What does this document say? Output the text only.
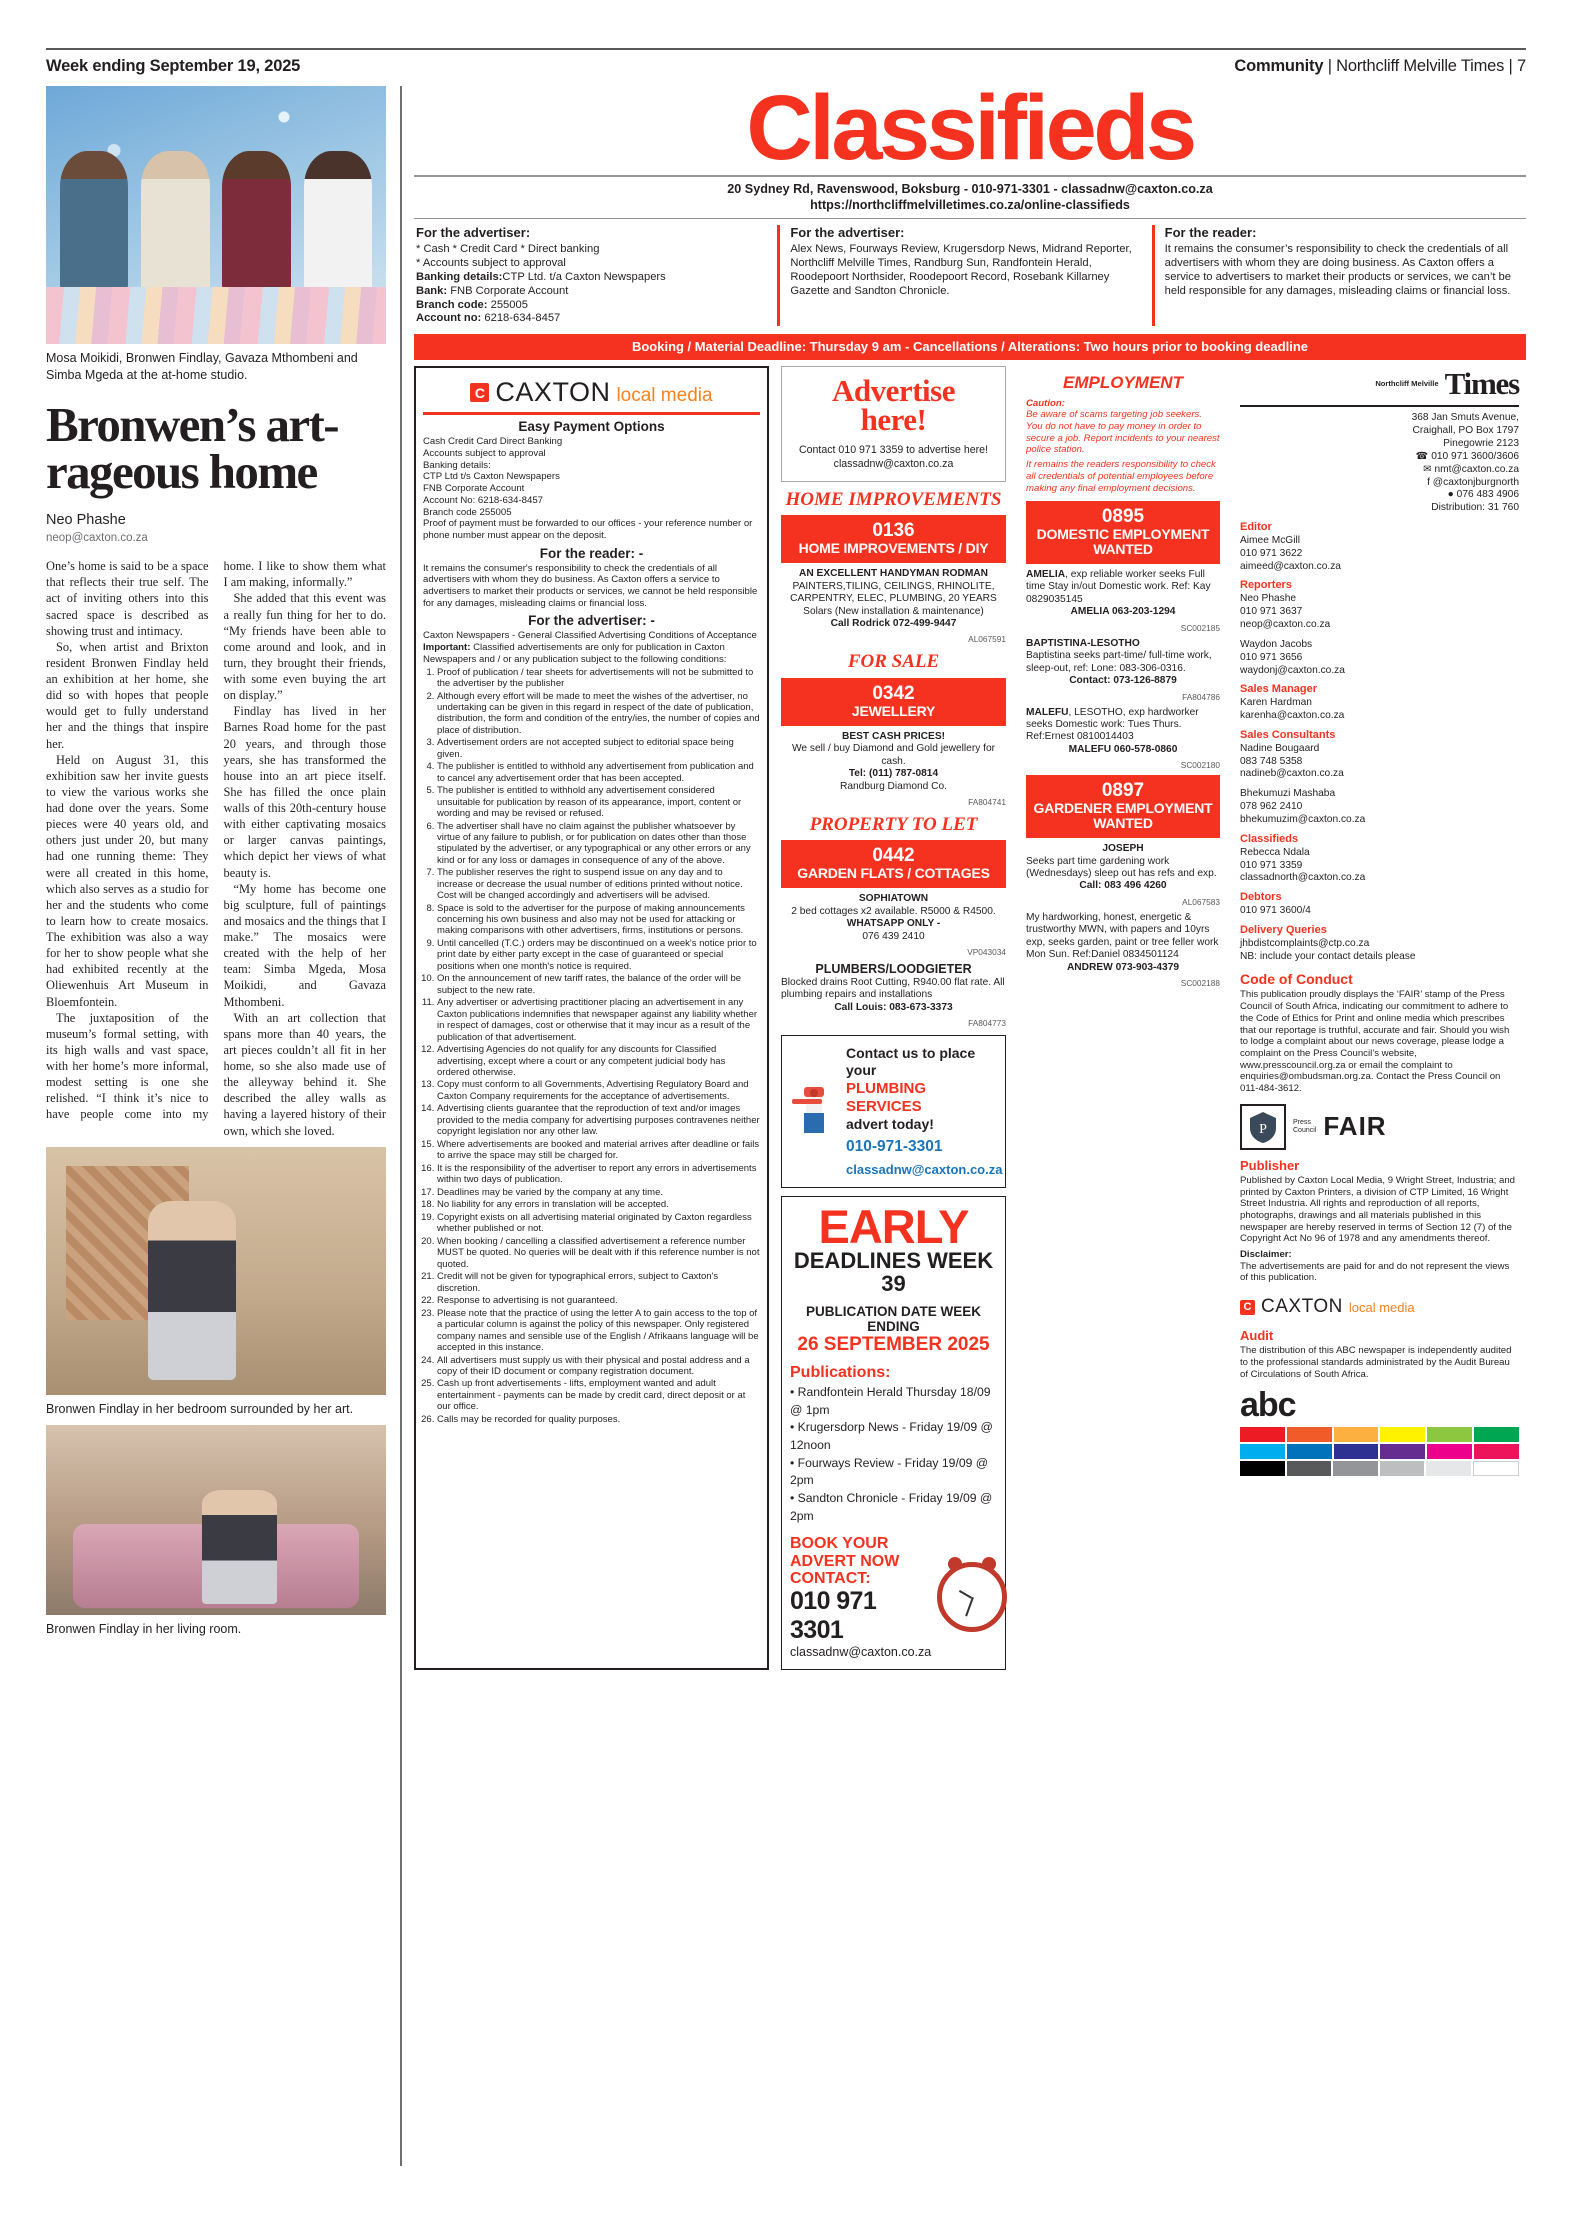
Week ending September 19, 2025	Community | Northcliff Melville Times | 7
Mosa Moikidi, Bronwen Findlay, Gavaza Mthombeni and Simba Mgeda at the at-home studio.
Bronwen’s art-rageous home
Neo Phashe
neop@caxton.co.za

One’s home is said to be a space that reflects their true self. The act of inviting others into this sacred space is described as showing trust and intimacy.

So, when artist and Brixton resident Bronwen Findlay held an exhibition at her home, she did so with hopes that people would get to fully understand her and the things that inspire her.

Held on August 31, this exhibition saw her invite guests to view the various works she had done over the years. Some pieces were 40 years old, and others just under 20, but many had one running theme: They were all created in this home, which also serves as a studio for her and the students who come to learn how to create mosaics. The exhibition was also a way for her to show people what she had exhibited recently at the Oliewenhuis Art Museum in Bloemfontein.

The juxtaposition of the museum’s formal setting, with its high walls and vast space, with her home’s more informal, modest setting is one she relished. “I think it’s nice to have people come into my home. I like to show them what I am making, informally.”

She added that this event was a really fun thing for her to do. “My friends have been able to come around and look, and in turn, they brought their friends, with some even buying the art on display.”

Findlay has lived in her Barnes Road home for the past 20 years, and through those years, she has transformed the house into an art piece itself. She has filled the once plain walls of this 20th-century house with either captivating mosaics or larger canvas paintings, which depict her views of what beauty is.

“My home has become one big sculpture, full of paintings and mosaics and the things that I make.” The mosaics were created with the help of her team: Simba Mgeda, Mosa Moikidi, and Gavaza Mthombeni.

With an art collection that spans more than 40 years, the art pieces couldn’t all fit in her home, so she also made use of the alleyway behind it. She described the alley walls as having a layered history of their own, which she loved.

Bronwen Findlay in her bedroom surrounded by her art.
Bronwen Findlay in her living room.
Classifieds
20 Sydney Rd, Ravenswood, Boksburg - 010-971-3301 - classadnw@caxton.co.za
https://northcliffmelvilletimes.co.za/online-classifieds
For the advertiser:
* Cash * Credit Card * Direct banking
* Accounts subject to approval
Banking details:CTP Ltd. t/a Caxton Newspapers
Bank: FNB Corporate Account
Branch code: 255005
Account no: 6218-634-8457
For the advertiser:
Alex News, Fourways Review, Krugersdorp News, Midrand Reporter, Northcliff Melville Times, Randburg Sun, Randfontein Herald, Roodepoort Northsider, Roodepoort Record, Rosebank Killarney Gazette and Sandton Chronicle.
For the reader:
It remains the consumer’s responsibility to check the credentials of all advertisers with whom they are doing business. As Caxton offers a service to advertisers to market their products or services, we can’t be held responsible for any damages, misleading claims or financial loss.
Booking / Material Deadline: Thursday 9 am - Cancellations / Alterations: Two hours prior to booking deadline
C CAXTON local media
Easy Payment Options
Cash Credit Card Direct Banking
Accounts subject to approval
Banking details:
CTP Ltd t/s Caxton Newspapers
FNB Corporate Account
Account No: 6218-634-8457
Branch code 255005
Proof of payment must be forwarded to our offices - your reference number or phone number must appear on the deposit.
For the reader: -
It remains the consumer's responsibility to check the credentials of all advertisers with whom they do business. As Caxton offers a service to advertisers to market their products or services, we cannot be held responsible for any damages, misleading claims or financial loss.
For the advertiser: -
Caxton Newspapers - General Classified Advertising Conditions of Acceptance
Important: Classified advertisements are only for publication in Caxton Newspapers and / or any publication subject to the following conditions:
1. Proof of publication / tear sheets for advertisements will not be submitted to the advertiser by the publisher
2. Although every effort will be made to meet the wishes of the advertiser, no undertaking can be given in this regard in respect of the date of publication, distribution, the form and condition of the entry/ies, the number of copies and place of distribution.
3. Advertisement orders are not accepted subject to editorial space being given.
4. The publisher is entitled to withhold any advertisement from publication and to cancel any advertisement order that has been accepted.
5. The publisher is entitled to withhold any advertisement considered unsuitable for publication by reason of its appearance, import, content or wording and may be revised or refused.
6. The advertiser shall have no claim against the publisher whatsoever by virtue of any failure to publish, or for publication on dates other than those stipulated by the advertiser, or any typographical or any other errors or any kind or for any loss or damages in consequence of any of the above.
7. The publisher reserves the right to suspend issue on any day and to increase or decrease the usual number of editions printed without notice. Cost will be changed accordingly and advertisers will be advised.
8. Space is sold to the advertiser for the purpose of making announcements concerning his own business and also may not be used for attacking or making comparisons with other advertisers, firms, institutions or persons.
9. Until cancelled (T.C.) orders may be discontinued on a week's notice prior to print date by either party except in the case of guaranteed or special positions when one month's notice is required.
10. On the announcement of new tariff rates, the balance of the order will be subject to the new rate.
11. Any advertiser or advertising practitioner placing an advertisement in any Caxton publications indemnifies that newspaper against any liability whether in respect of damages, cost or otherwise that it may incur as a result of the publication of that advertisement.
12. Advertising Agencies do not qualify for any discounts for Classified advertising, except where a court or any competent judicial body has ordered otherwise.
13. Copy must conform to all Governments, Advertising Regulatory Board and Caxton Company requirements for the acceptance of advertisements.
14. Advertising clients guarantee that the reproduction of text and/or images provided to the media company for advertising purposes contravenes neither copyright legislation nor any other law.
15. Where advertisements are booked and material arrives after deadline or fails to arrive the space may still be charged for.
16. It is the responsibility of the advertiser to report any errors in advertisements within two days of publication.
17. Deadlines may be varied by the company at any time.
18. No liability for any errors in translation will be accepted.
19. Copyright exists on all advertising material originated by Caxton regardless whether published or not.
20. When booking / cancelling a classified advertisement a reference number MUST be quoted. No queries will be dealt with if this reference number is not quoted.
21. Credit will not be given for typographical errors, subject to Caxton's discretion.
22. Response to advertising is not guaranteed.
23. Please note that the practice of using the letter A to gain access to the top of a particular column is against the policy of this newspaper. Only registered company names and sensible use of the English / Afrikaans language will be accepted in this instance.
24. All advertisers must supply us with their physical and postal address and a copy of their ID document or company registration document.
25. Cash up front advertisements - lifts, employment wanted and adult entertainment - payments can be made by credit card, direct deposit or at our office.
26. Calls may be recorded for quality purposes.
Advertise
here!
Contact 010 971 3359 to advertise here! classadnw@caxton.co.za
HOME IMPROVEMENTS
0136
HOME IMPROVEMENTS / DIY
AN EXCELLENT HANDYMAN RODMAN
PAINTERS,TILING, CEILINGS, RHINOLITE, CARPENTRY, ELEC, PLUMBING, 20 YEARS Solars (New installation & maintenance)
Call Rodrick 072-499-9447
AL067591
FOR SALE
0342
JEWELLERY
BEST CASH PRICES!
We sell / buy Diamond and Gold jewellery for cash.
Tel: (011) 787-0814
Randburg Diamond Co.
FA804741
PROPERTY TO LET
0442
GARDEN FLATS / COTTAGES
SOPHIATOWN
2 bed cottages x2 available. R5000 & R4500.
WHATSAPP ONLY -
076 439 2410
VP043034
PLUMBERS/LOODGIETER
Blocked drains Root Cutting, R940.00 flat rate. All plumbing repairs and installations
Call Louis: 083-673-3373
FA804773
Contact us to place your
PLUMBING SERVICES
advert today!
010-971-3301
classadnw@caxton.co.za
EARLY
DEADLINES WEEK 39
PUBLICATION DATE WEEK ENDING
26 SEPTEMBER 2025
Publications:
• Randfontein Herald Thursday 18/09 @ 1pm
• Krugersdorp News - Friday 19/09 @ 12noon
• Fourways Review - Friday 19/09 @ 2pm
• Sandton Chronicle - Friday 19/09 @ 2pm
BOOK YOUR ADVERT NOW CONTACT:
010 971 3301
classadnw@caxton.co.za
EMPLOYMENT
Caution:
Be aware of scams targeting job seekers. You do not have to pay money in order to secure a job. Report incidents to your nearest police station.
It remains the readers responsibility to check all credentials of potential employees before making any final employment decisions.
0895
DOMESTIC EMPLOYMENT WANTED
AMELIA, exp reliable worker seeks Full time Stay in/out Domestic work. Ref: Kay 0829035145
AMELIA 063-203-1294
SC002185
BAPTISTINA-LESOTHO
Baptistina seeks part-time/ full-time work, sleep-out, ref: Lone: 083-306-0316.
Contact: 073-126-8879
FA804786
MALEFU, LESOTHO, exp hardworker seeks Domestic work: Tues Thurs. Ref:Ernest 0810014403
MALEFU 060-578-0860
SC002180
0897
GARDENER EMPLOYMENT WANTED
JOSEPH
Seeks part time gardening work (Wednesdays) sleep out has refs and exp.
Call: 083 496 4260
AL067583
My hardworking, honest, energetic & trustworthy MWN, with papers and 10yrs exp, seeks garden, paint or tree feller work Mon Sun. Ref:Daniel 0834501124
ANDREW 073-903-4379
SC002188
Northcliff Melville Times
368 Jan Smuts Avenue,
Craighall, PO Box 1797
Pinegowrie 2123
☎ 010 971 3600/3606
✉ nmt@caxton.co.za
f @caxtonjburgnorth
● 076 483 4906
Distribution: 31 760
Editor
Aimee McGill
010 971 3622
aimeed@caxton.co.za
Reporters
Neo Phashe
010 971 3637
neop@caxton.co.za
Waydon Jacobs
010 971 3656
waydonj@caxton.co.za
Sales Manager
Karen Hardman
karenha@caxton.co.za
Sales Consultants
Nadine Bougaard
083 748 5358
nadineb@caxton.co.za
Bhekumuzi Mashaba
078 962 2410
bhekumuzim@caxton.co.za
Classifieds
Rebecca Ndala
010 971 3359
classadnorth@caxton.co.za
Debtors
010 971 3600/4
Delivery Queries
jhbdistcomplaints@ctp.co.za
NB: include your contact details please
Code of Conduct
This publication proudly displays the ‘FAIR’ stamp of the Press Council of South Africa, indicating our commitment to adhere to the Code of Ethics for Print and online media which prescribes that our reportage is truthful, accurate and fair. Should you wish to lodge a complaint about our news coverage, please lodge a complaint on the Press Council’s website, www.presscouncil.org.za or email the complaint to enquiries@ombudsman.org.za. Contact the Press Council on 011-484-3612.
P	Press
Council FAIR
Publisher
Published by Caxton Local Media, 9 Wright Street, Industria; and printed by Caxton Printers, a division of CTP Limited, 16 Wright Street Industria. All rights and reproduction of all reports, photographs, drawings and all materials published in this newspaper are hereby reserved in terms of Section 12 (7) of the Copyright Act No 96 of 1978 and any amendments thereof.
Disclaimer:
The advertisements are paid for and do not represent the views of this publication.
C CAXTON local media
Audit
The distribution of this ABC newspaper is independently audited to the professional standards administrated by the Audit Bureau of Circulations of South Africa.
abc
